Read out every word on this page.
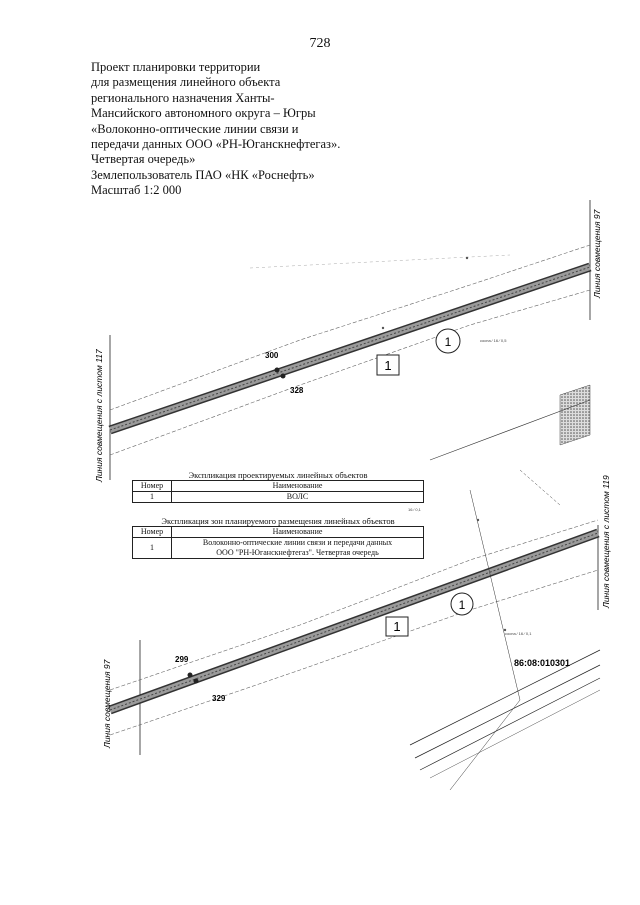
728
Проект планировки территории
для размещения линейного объекта
регионального назначения Ханты-
Мансийского автономного округа – Югры
«Волоконно-оптические линии связи и
передачи данных ООО «РН-Юганскнефтегаз».
Четвертая очередь»
Землепользователь ПАО «НК «Роснефть»
Масштаб 1:2 000
300
328
1
1	сосна ⁄ 16 ⁄ 0,5
Линия совмещения с листом 117
Линия совмещения 97
299
329
1
1	сосна ⁄ 16 ⁄ 0,1
16 ⁄ 0,1
86:08:010301
Линия совмещения 97
Линия совмещения с листом 119
Экспликация проектируемых линейных объектов
Номер	Наименование
1	ВОЛС
Экспликация зон планируемого размещения линейных объектов
Номер	Наименование
1	Волоконно-оптические линии связи и передачи данных
ООО "РН-Юганскнефтегаз". Четвертая очередь
